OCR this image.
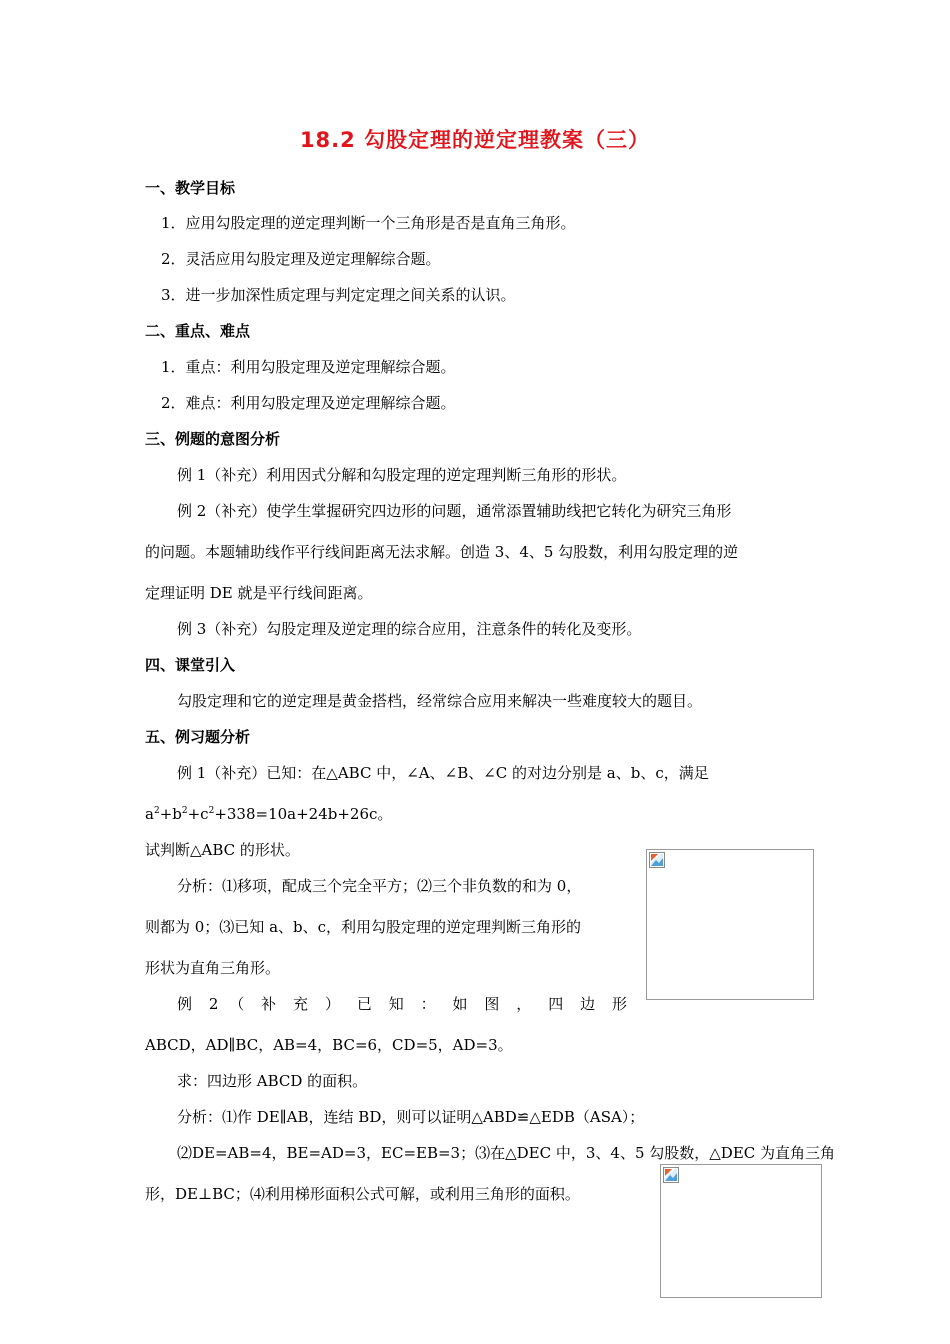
18.2 勾股定理的逆定理教案（三）
一、教学目标
1．应用勾股定理的逆定理判断一个三角形是否是直角三角形。
2．灵活应用勾股定理及逆定理解综合题。
3．进一步加深性质定理与判定定理之间关系的认识。
二、重点、难点
1．重点：利用勾股定理及逆定理解综合题。
2．难点：利用勾股定理及逆定理解综合题。
三、例题的意图分析
例 1（补充）利用因式分解和勾股定理的逆定理判断三角形的形状。
例 2（补充）使学生掌握研究四边形的问题，通常添置辅助线把它转化为研究三角形
的问题。本题辅助线作平行线间距离无法求解。创造 3、4、5 勾股数，利用勾股定理的逆
定理证明 DE 就是平行线间距离。
例 3（补充）勾股定理及逆定理的综合应用，注意条件的转化及变形。
四、课堂引入
勾股定理和它的逆定理是黄金搭档，经常综合应用来解决一些难度较大的题目。
五、例习题分析
例 1（补充）已知：在△ABC 中，∠A、∠B、∠C 的对边分别是 a、b、c，满足
$a^2+b^2+c^2+338=10a+24b+26c$。
试判断△ABC 的形状。
分析：⑴移项，配成三个完全平方；⑵三个非负数的和为 0，
则都为 0；⑶已知 a、b、c，利用勾股定理的逆定理判断三角形的
形状为直角三角形。
例 2 （ 补 充 ） 已 知 ： 如 图 ， 四 边 形
ABCD，AD∥BC，AB=4，BC=6，CD=5，AD=3。
求：四边形 ABCD 的面积。
分析：⑴作 DE∥AB，连结 BD，则可以证明△ABD≌△EDB（ASA）；
⑵DE=AB=4，BE=AD=3，EC=EB=3；⑶在△DEC 中，3、4、5 勾股数，△DEC 为直角三角
形，DE⊥BC；⑷利用梯形面积公式可解，或利用三角形的面积。
